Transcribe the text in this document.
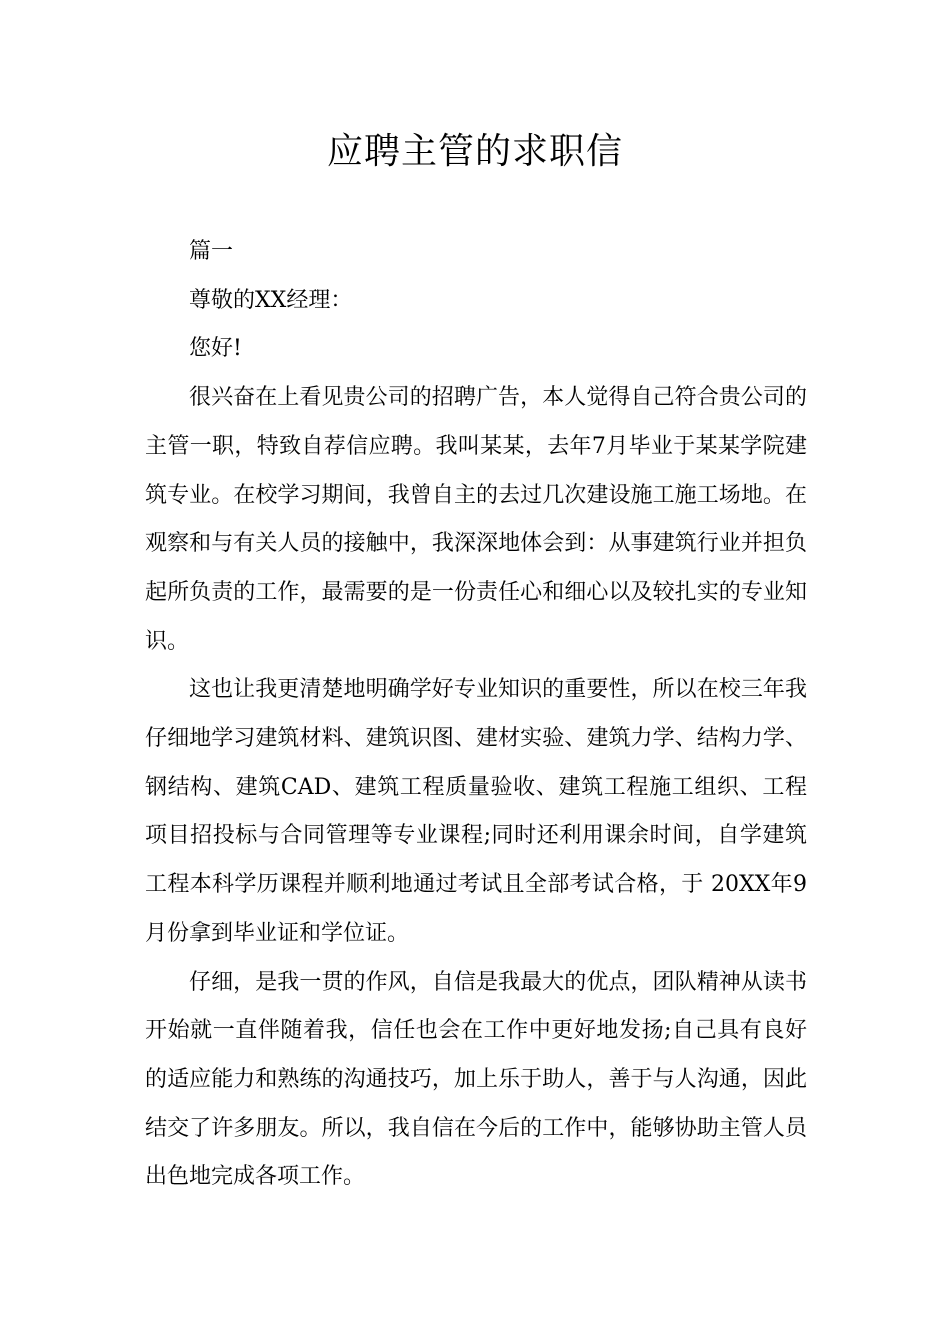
应聘主管的求职信

篇一

尊敬的XX经理：

您好!

很兴奋在上看见贵公司的招聘广告，本人觉得自己符合贵公司的主管一职，特致自荐信应聘。我叫某某，去年7月毕业于某某学院建筑专业。在校学习期间，我曾自主的去过几次建设施工施工场地。在观察和与有关人员的接触中，我深深地体会到：从事建筑行业并担负起所负责的工作，最需要的是一份责任心和细心以及较扎实的专业知识。

这也让我更清楚地明确学好专业知识的重要性，所以在校三年我仔细地学习建筑材料、建筑识图、建材实验、建筑力学、结构力学、钢结构、建筑CAD、建筑工程质量验收、建筑工程施工组织、工程项目招投标与合同管理等专业课程;同时还利用课余时间，自学建筑工程本科学历课程并顺利地通过考试且全部考试合格，于 20XX年9月份拿到毕业证和学位证。

仔细，是我一贯的作风，自信是我最大的优点，团队精神从读书开始就一直伴随着我，信任也会在工作中更好地发扬;自己具有良好的适应能力和熟练的沟通技巧，加上乐于助人，善于与人沟通，因此结交了许多朋友。所以，我自信在今后的工作中，能够协助主管人员出色地完成各项工作。
